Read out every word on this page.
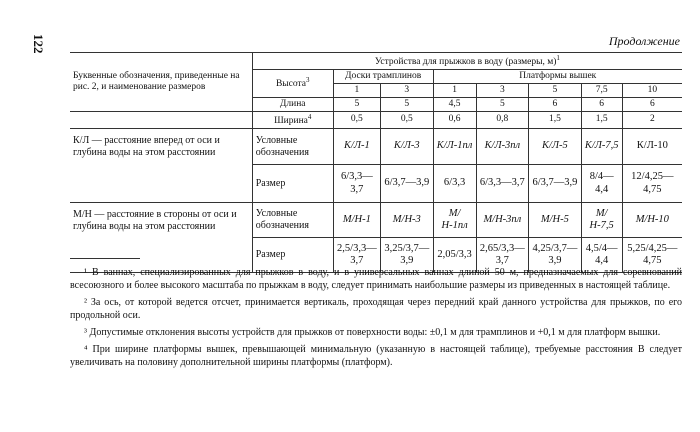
122	Продолжение
Буквенные обозначения, приведенные на рис. 2, и наименование размеров	Устройства для прыжков в воду (размеры, м)$^1$
	Высота$^3$	Доски трамплинов		Платформы вышек				
		1	3	1	3	5	7,5	10
	Длина	5	5	4,5	5	6	6	6
	Ширина$^4$	0,5	0,5	0,6	0,8	1,5	1,5	2
К/Л — расстояние вперед от оси и глубина воды на этом расстоянии	Условные обозначения	К/Л-1	К/Л-3	К/Л-1пл	К/Л-3пл	К/Л-5	К/Л-7,5	К/Л-10
	Размер	6/3,3—3,7	6/3,7—3,9	6/3,3	6/3,3—3,7	6/3,7—3,9	8/4—4,4	12/4,25—4,75
М/Н — расстояние в стороны от оси и глубина воды на этом расстоянии	Условные обозначения	М/Н-1	М/Н-3	М/Н-1пл	М/Н-3пл	М/Н-5	М/Н-7,5	М/Н-10
	Размер	2,5/3,3—3,7	3,25/3,7—3,9	2,05/3,3	2,65/3,3—3,7	4,25/3,7—3,9	4,5/4—4,4	5,25/4,25—4,75

¹ В ваннах, специализированных для прыжков в воду, и в универсальных ваннах длиной 50 м, предназначаемых для соревнований всесоюзного и более высокого масштаба по прыжкам в воду, следует принимать наибольшие размеры из приведенных в настоящей таблице.

² За ось, от которой ведется отсчет, принимается вертикаль, проходящая через передний край данного устройства для прыжков, по его продольной оси.

³ Допустимые отклонения высоты устройств для прыжков от поверхности воды: ±0,1 м для трамплинов и +0,1 м для платформ вышки.

⁴ При ширине платформы вышек, превышающей минимальную (указанную в настоящей таблице), требуемые расстояния В следует увеличивать на половину дополнительной ширины платформы (платформ).
